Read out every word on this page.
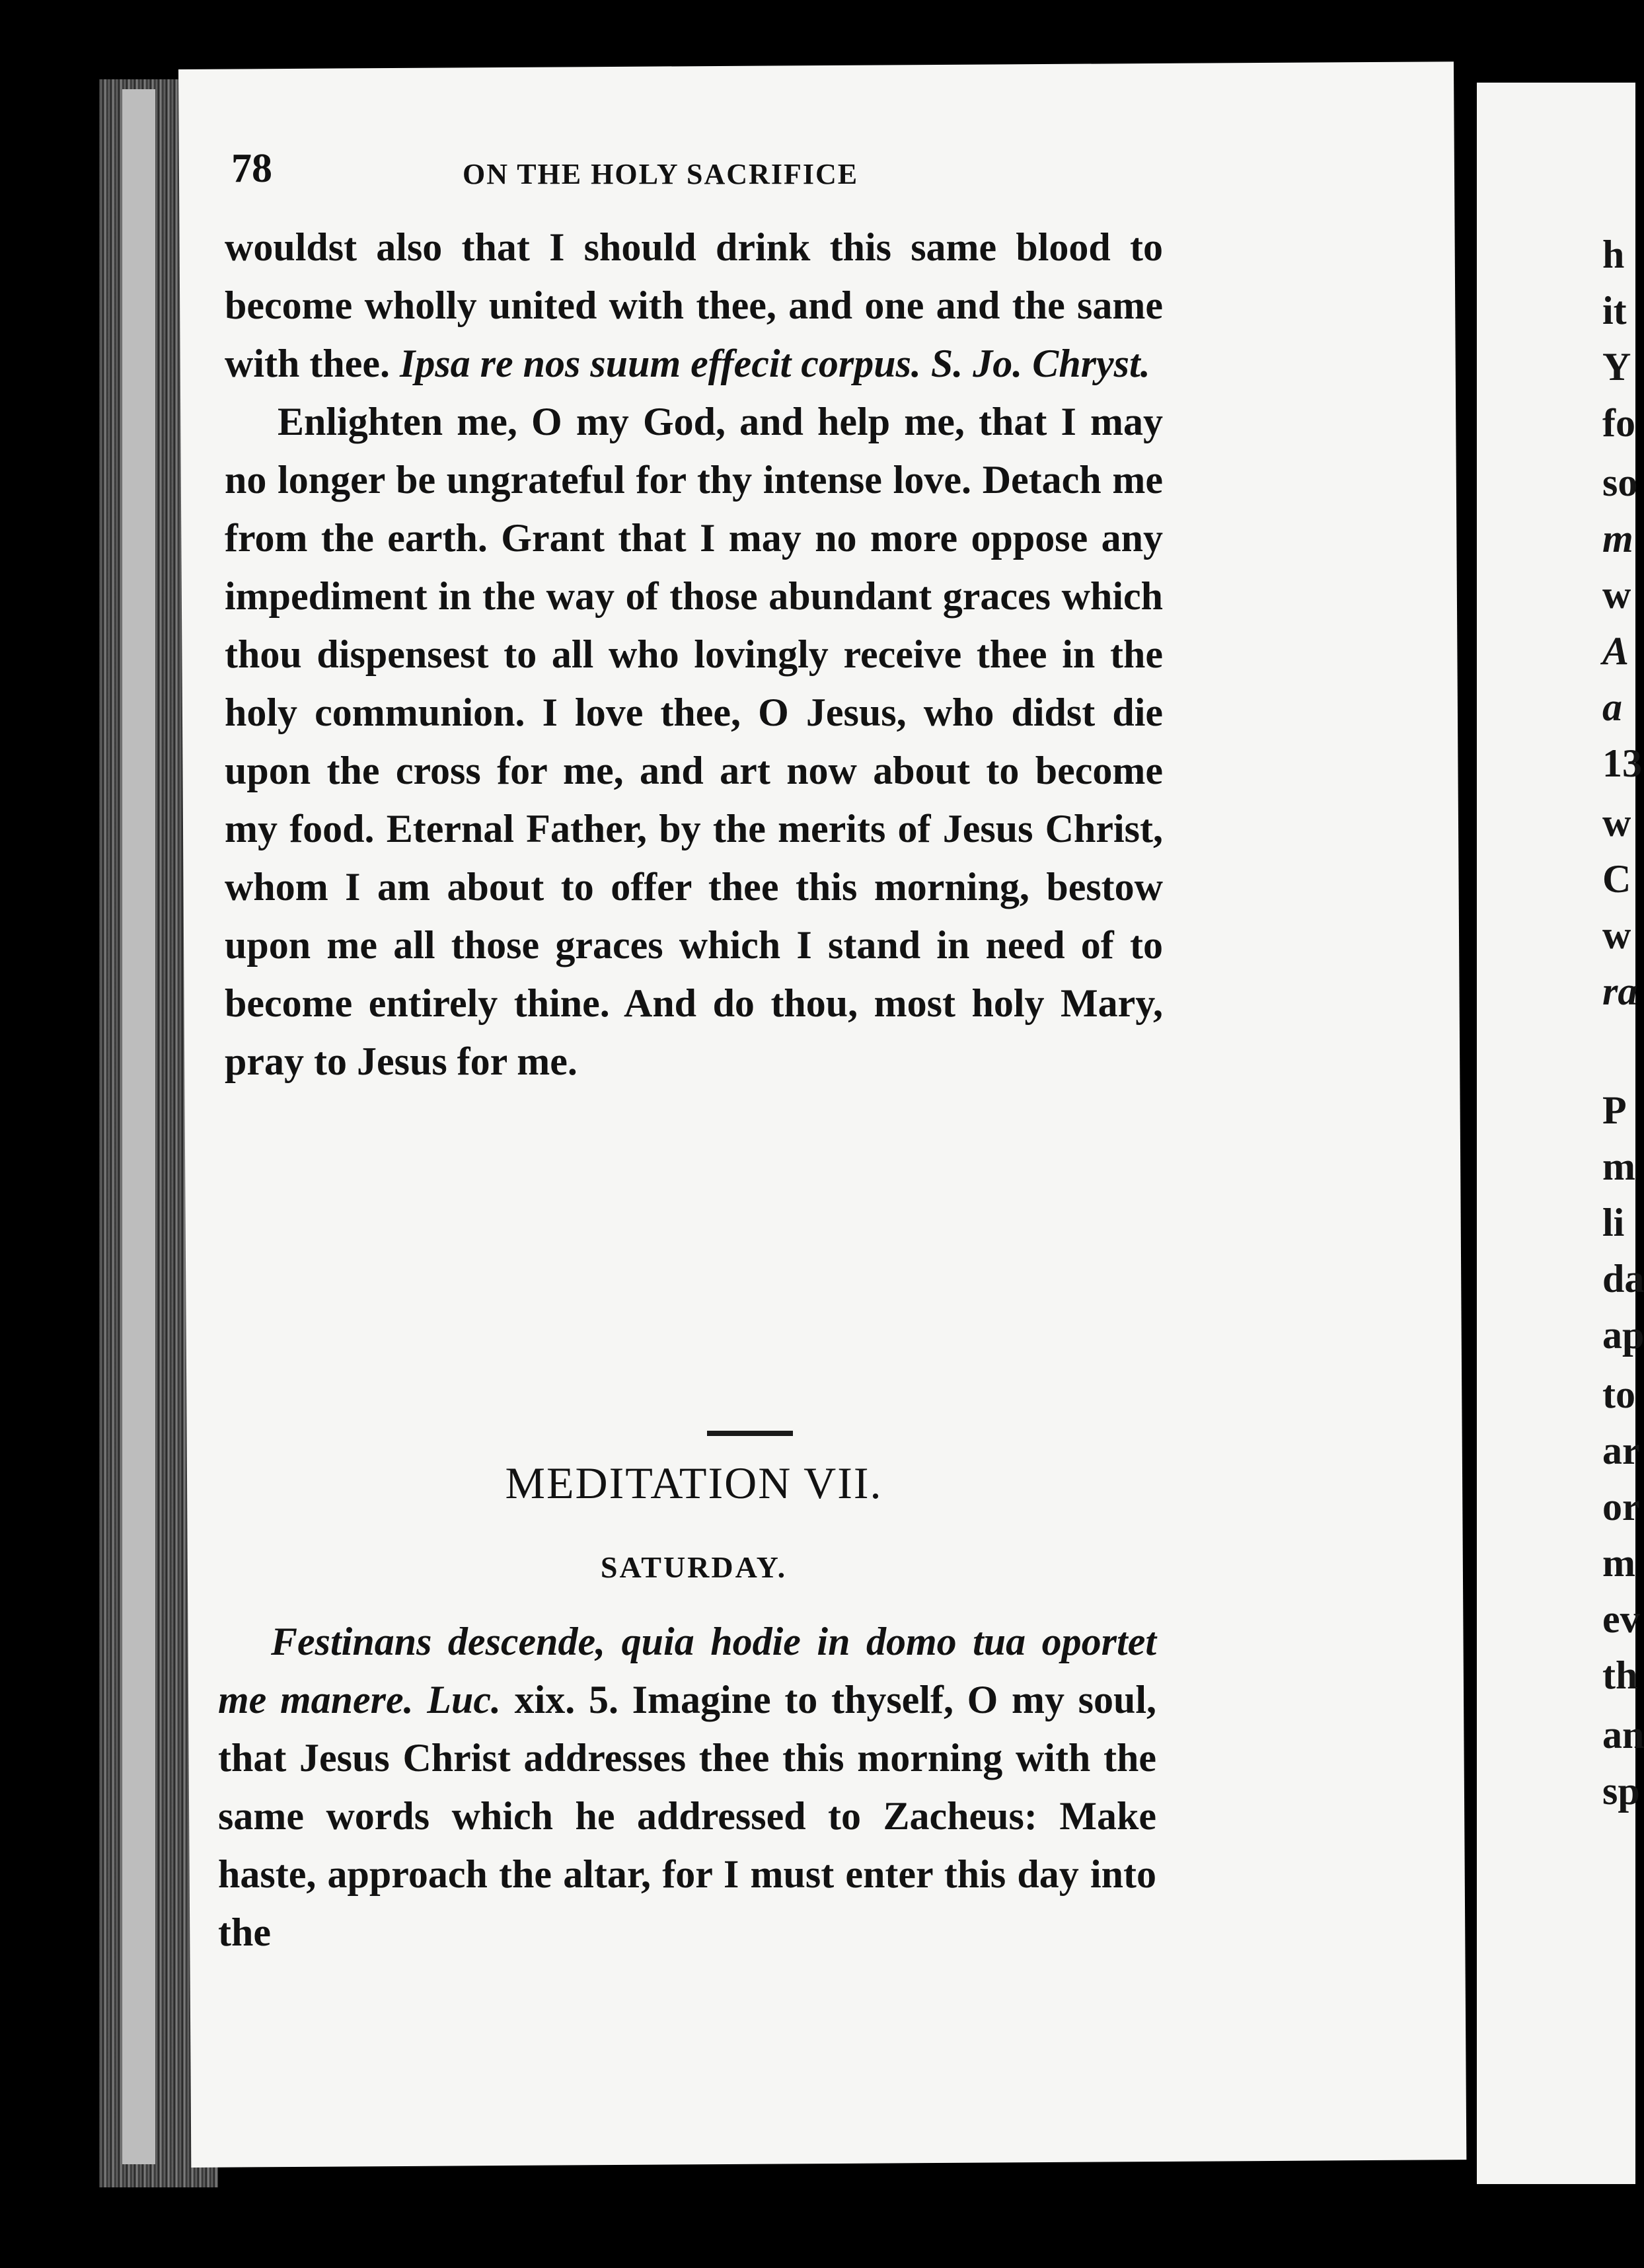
h
it
Y
fo
so
m
w
A
a
13
w
C
w
ra
P
m
li
da
ap
to
ar
or
m
ev
th
an
sp
78	ON THE HOLY SACRIFICE

wouldst also that I should drink this same blood to become wholly united with thee, and one and the same with thee. Ipsa re nos suum effecit corpus. S. Jo. Chryst.

Enlighten me, O my God, and help me, that I may no longer be ungrateful for thy intense love. Detach me from the earth. Grant that I may no more oppose any impediment in the way of those abundant graces which thou dispensest to all who lovingly receive thee in the holy communion. I love thee, O Jesus, who didst die upon the cross for me, and art now about to become my food. Eternal Father, by the merits of Jesus Christ, whom I am about to offer thee this morning, bestow upon me all those graces which I stand in need of to become entirely thine. And do thou, most holy Mary, pray to Jesus for me.

MEDITATION VII.
SATURDAY.

Festinans descende, quia hodie in domo tua oportet me manere. Luc. xix. 5. Imagine to thyself, O my soul, that Jesus Christ addresses thee this morning with the same words which he addressed to Zacheus: Make haste, approach the altar, for I must enter this day into the
